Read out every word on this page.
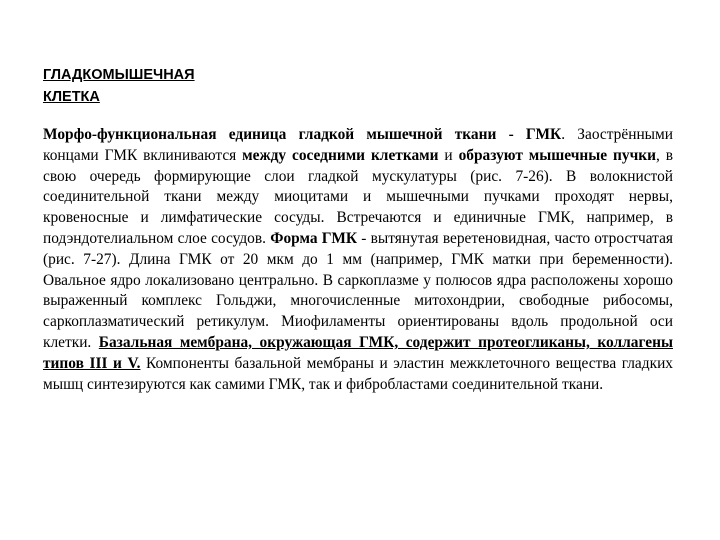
ГЛАДКОМЫШЕЧНАЯ
КЛЕТКА

Морфо-функциональная единица гладкой мышечной ткани - ГМК. Заострёнными концами ГМК вклиниваются между соседними клетками и образуют мышечные пучки, в свою очередь формирующие слои гладкой мускулатуры (рис. 7-26). В волокнистой соединительной ткани между миоцитами и мышечными пучками проходят нервы, кровеносные и лимфатические сосуды. Встречаются и единичные ГМК, например, в подэндотелиальном слое сосудов. Форма ГМК - вытянутая веретеновидная, часто отростчатая (рис. 7-27). Длина ГМК от 20 мкм до 1 мм (например, ГМК матки при беременности). Овальное ядро локализовано центрально. В саркоплазме у полюсов ядра расположены хорошо выраженный комплекс Гольджи, многочисленные митохондрии, свободные рибосомы, саркоплазматический ретикулум. Миофиламенты ориентированы вдоль продольной оси клетки. Базальная мембрана, окружающая ГМК, содержит протеогликаны, коллагены типов III и V. Компоненты базальной мембраны и эластин межклеточного вещества гладких мышц синтезируются как самими ГМК, так и фибробластами соединительной ткани.
